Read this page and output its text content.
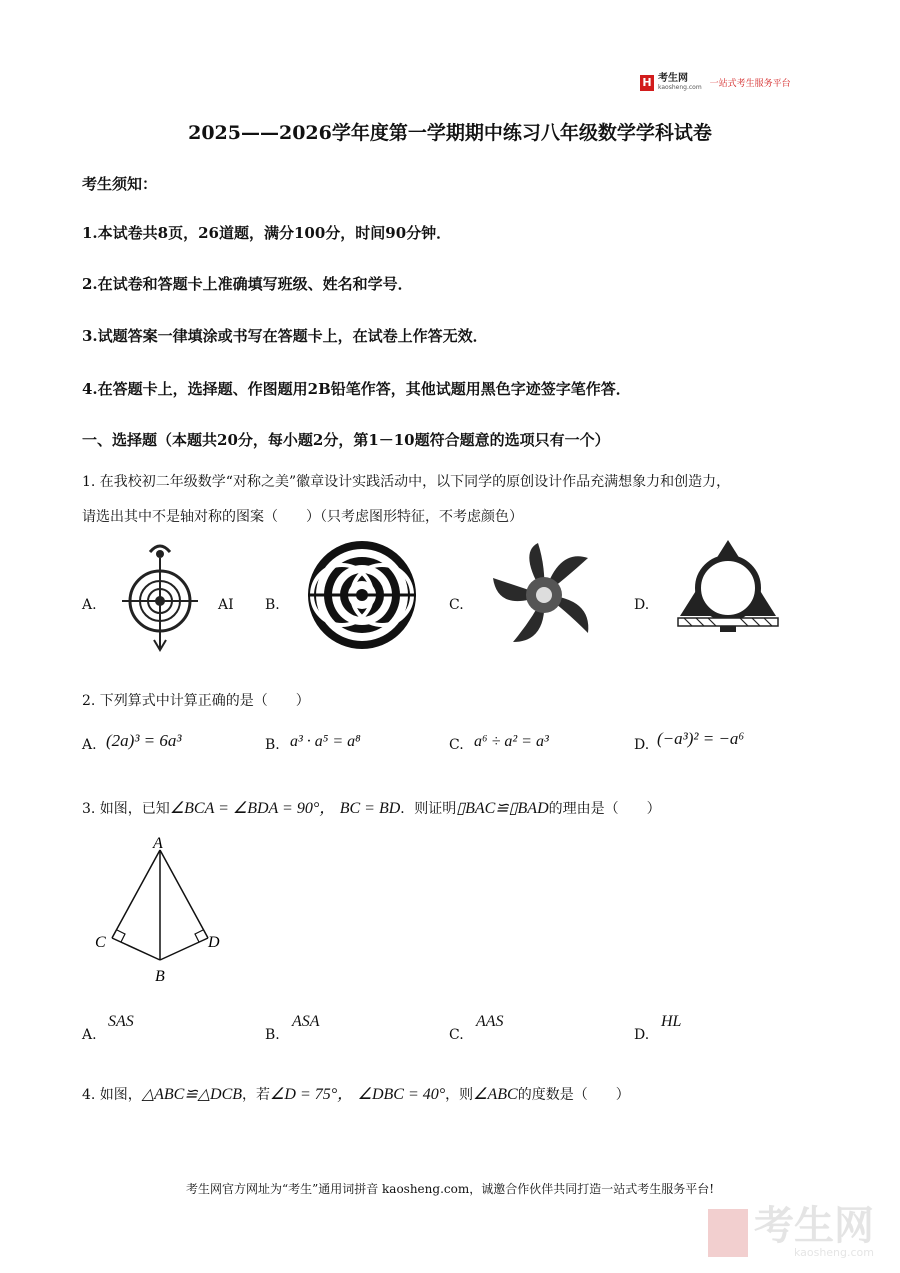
H 考生网
kaosheng.com 一站式考生服务平台
2025——2026学年度第一学期期中练习八年级数学学科试卷
考生须知：
1.本试卷共8页，26道题，满分100分，时间90分钟．
2.在试卷和答题卡上准确填写班级、姓名和学号．
3.试题答案一律填涂或书写在答题卡上，在试卷上作答无效．
4.在答题卡上，选择题、作图题用2B铅笔作答，其他试题用黑色字迹签字笔作答．
一、选择题（本题共20分，每小题2分，第1－10题符合题意的选项只有一个）
1. 在我校初二年级数学“对称之美”徽章设计实践活动中，以下同学的原创设计作品充满想象力和创造力，
请选出其中不是轴对称的图案（　　）（只考虑图形特征，不考虑颜色）
A.	AI B.	C.	D.
2. 下列算式中计算正确的是（　　）
A. (2a)³ = 6a³	B. a³ · a⁵ = a⁸	C. a⁶ ÷ a² = a³	D. (−a³)² = −a⁶
3. 如图，已知∠BCA = ∠BDA = 90°， BC = BD．则证明▯BAC≌▯BAD的理由是（　　）
A
B
C	D
A.
SAS
B.
ASA
C.
AAS
D.
HL
4. 如图，△ABC≌△DCB，若∠D = 75°， ∠DBC = 40°，则∠ABC的度数是（　　）
考生网官方网址为“考生”通用词拼音 kaosheng.com，诚邀合作伙伴共同打造一站式考生服务平台!
考生网
kaosheng.com
